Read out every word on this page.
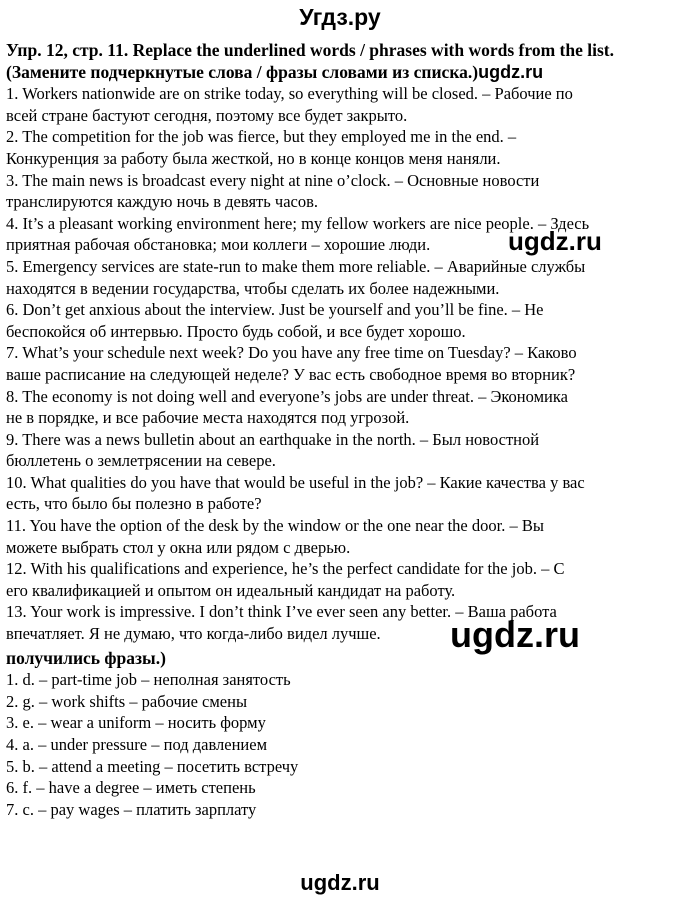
Угдз.ру
Упр. 12, стр. 11. Replace the underlined words / phrases with words from the list.
(Замените подчеркнутые слова / фразы словами из списка.)ugdz.ru

1. Workers nationwide are on strike today, so everything will be closed. – Рабочие по

всей стране бастуют сегодня, поэтому все будет закрыто.

2. The competition for the job was fierce, but they employed me in the end. –

Конкуренция за работу была жесткой, но в конце концов меня наняли.

3. The main news is broadcast every night at nine o’clock. – Основные новости

транслируются каждую ночь в девять часов.

4. It’s a pleasant working environment here; my fellow workers are nice people. – Здесь

приятная рабочая обстановка; мои коллеги – хорошие люди.

5. Emergency services are state-run to make them more reliable. – Аварийные службы

находятся в ведении государства, чтобы сделать их более надежными.

6. Don’t get anxious about the interview. Just be yourself and you’ll be fine. – Не

беспокойся об интервью. Просто будь собой, и все будет хорошо.

7. What’s your schedule next week? Do you have any free time on Tuesday? – Каково

ваше расписание на следующей неделе? У вас есть свободное время во вторник?

8. The economy is not doing well and everyone’s jobs are under threat. – Экономика

не в порядке, и все рабочие места находятся под угрозой.

9. There was a news bulletin about an earthquake in the north. – Был новостной

бюллетень о землетрясении на севере.

10. What qualities do you have that would be useful in the job? – Какие качества у вас

есть, что было бы полезно в работе?

11. You have the option of the desk by the window or the one near the door. – Вы

можете выбрать стол у окна или рядом с дверью.

12. With his qualifications and experience, he’s the perfect candidate for the job. – С

его квалификацией и опытом он идеальный кандидат на работу.

13. Your work is impressive. I don’t think I’ve ever seen any better. – Ваша работа

впечатляет. Я не думаю, что когда-либо видел лучше.

получились фразы.)

1. d. – part-time job – неполная занятость

2. g. – work shifts – рабочие смены

3. e. – wear a uniform – носить форму

4. a. – under pressure – под давлением

5. b. – attend a meeting – посетить встречу

6. f. – have a degree – иметь степень

7. c. – pay wages – платить зарплату

ugdz.ru
ugdz.ru
ugdz.ru
